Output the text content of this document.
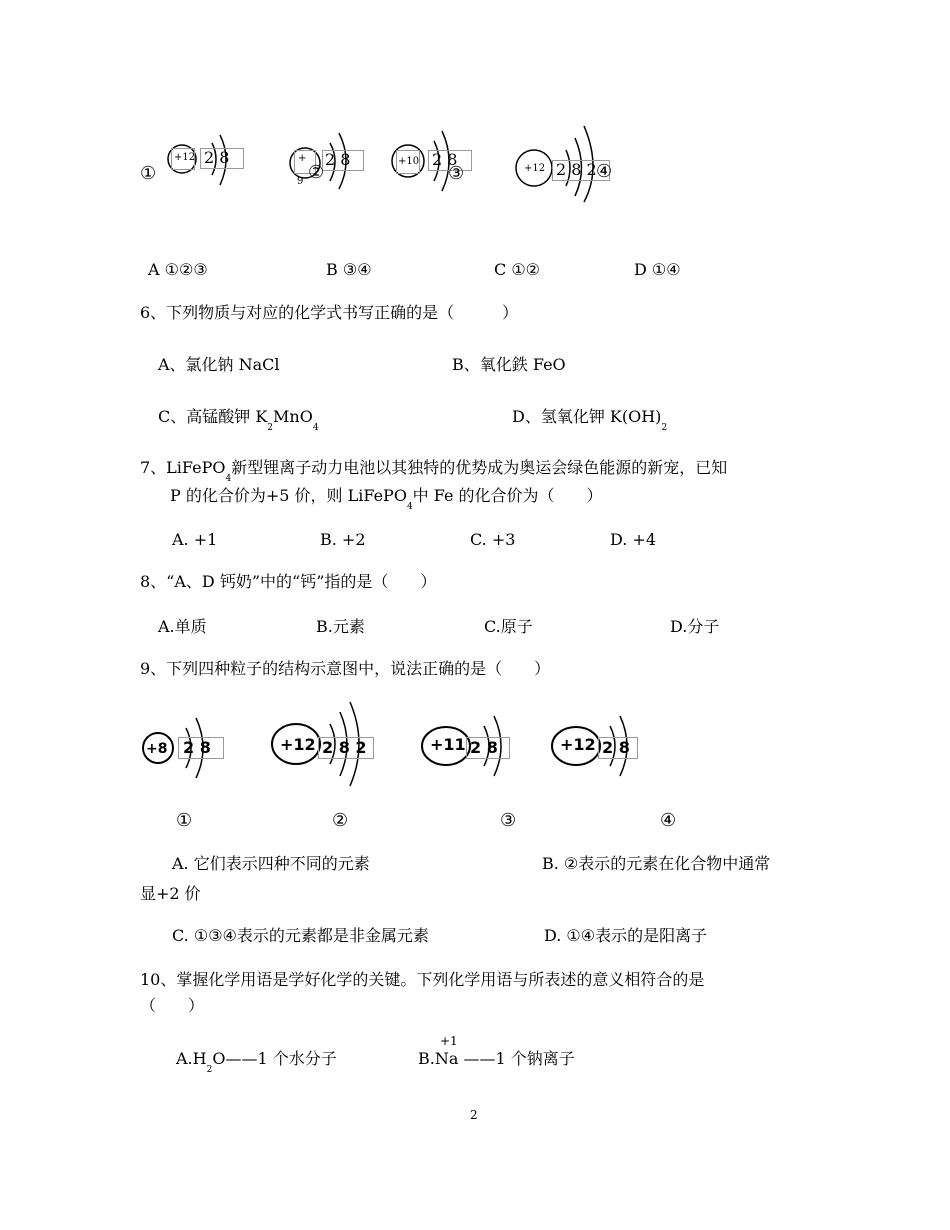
①
+12 2 8	+
9
2 8
②
+10 2 8
③	+12 2 8 2 ④
A ①②③	B ③④	C ①②	D ①④
6、下列物质与对应的化学式书写正确的是（　　　）
A、氯化钠 NaCl	B、氧化鉄 FeO
C、高锰酸钾 $K_2MnO_4$
D、氢氧化钾 $K(OH)_2$
7、LiFePO$_4$新型锂离子动力电池以其独特的优势成为奥运会绿色能源的新宠，已知
P 的化合价为+5 价，则 LiFePO$_4$中 Fe 的化合价为（　　）
A. +1	B. +2	C. +3	D. +4
8、“A、D 钙奶”中的“钙”指的是（　　）
A.单质	B.元素	C.原子	D.分子
9、下列四种粒子的结构示意图中，说法正确的是（　　）
+8 2 8	+12 2 8 2	+11 2 8	+12 2 8
①	②	③	④
A. 它们表示四种不同的元素	B. ②表示的元素在化合物中通常
显+2 价
C. ①③④表示的元素都是非金属元素	D. ①④表示的是阳离子
10、掌握化学用语是学好化学的关键。下列化学用语与所表述的意义相符合的是
（　　）
$A.H_2O——1$ 个水分子
+1
B.Na ——1 个钠离子
2
